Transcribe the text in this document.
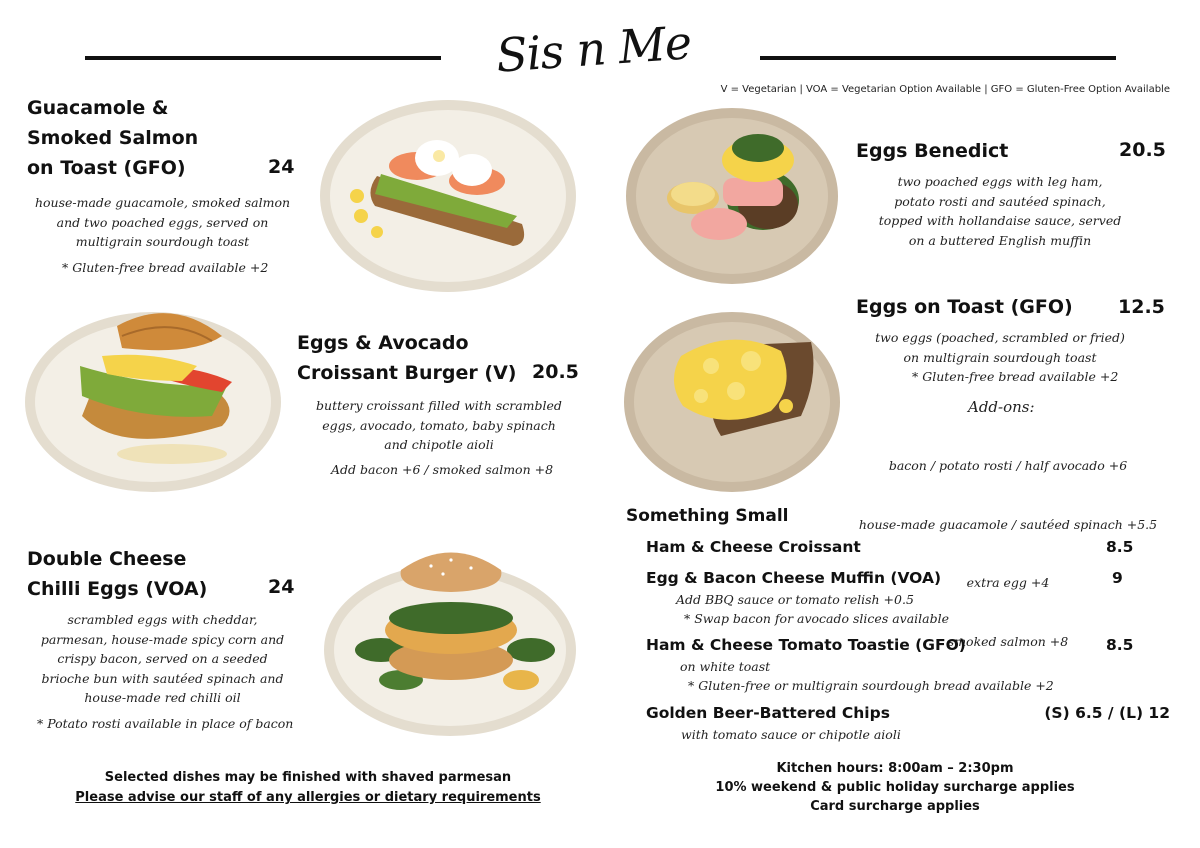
Sis n Me
V = Vegetarian | VOA = Vegetarian Option Available | GFO = Gluten-Free Option Available
Guacamole &
Smoked Salmon
on Toast (GFO)	24
house-made guacamole, smoked salmon
and two poached eggs, served on
multigrain sourdough toast
* Gluten-free bread available +2
Eggs & Avocado
Croissant Burger (V) 20.5
buttery croissant filled with scrambled
eggs, avocado, tomato, baby spinach
and chipotle aioli
Add bacon +6 / smoked salmon +8
Double Cheese
Chilli Eggs (VOA)	24
scrambled eggs with cheddar,
parmesan, house-made spicy corn and
crispy bacon, served on a seeded
brioche bun with sautéed spinach and
house-made red chilli oil
* Potato rosti available in place of bacon
Eggs Benedict	20.5
two poached eggs with leg ham,
potato rosti and sautéed spinach,
topped with hollandaise sauce, served
on a buttered English muffin
Eggs on Toast (GFO) 12.5
two eggs (poached, scrambled or fried)
on multigrain sourdough toast
* Gluten-free bread available +2
Add-ons:

bacon / potato rosti / half avocado +6

house-made guacamole / sautéed spinach +5.5

extra egg +4

smoked salmon +8

Something Small
Ham & Cheese Croissant	8.5
Egg & Bacon Cheese Muffin (VOA)	9
Add BBQ sauce or tomato relish +0.5
* Swap bacon for avocado slices available
Ham & Cheese Tomato Toastie (GFO)	8.5
on white toast
* Gluten-free or multigrain sourdough bread available +2
Golden Beer-Battered Chips	(S) 6.5 / (L) 12
with tomato sauce or chipotle aioli
Selected dishes may be finished with shaved parmesan
Please advise our staff of any allergies or dietary requirements
Kitchen hours: 8:00am – 2:30pm
10% weekend & public holiday surcharge applies
Card surcharge applies
